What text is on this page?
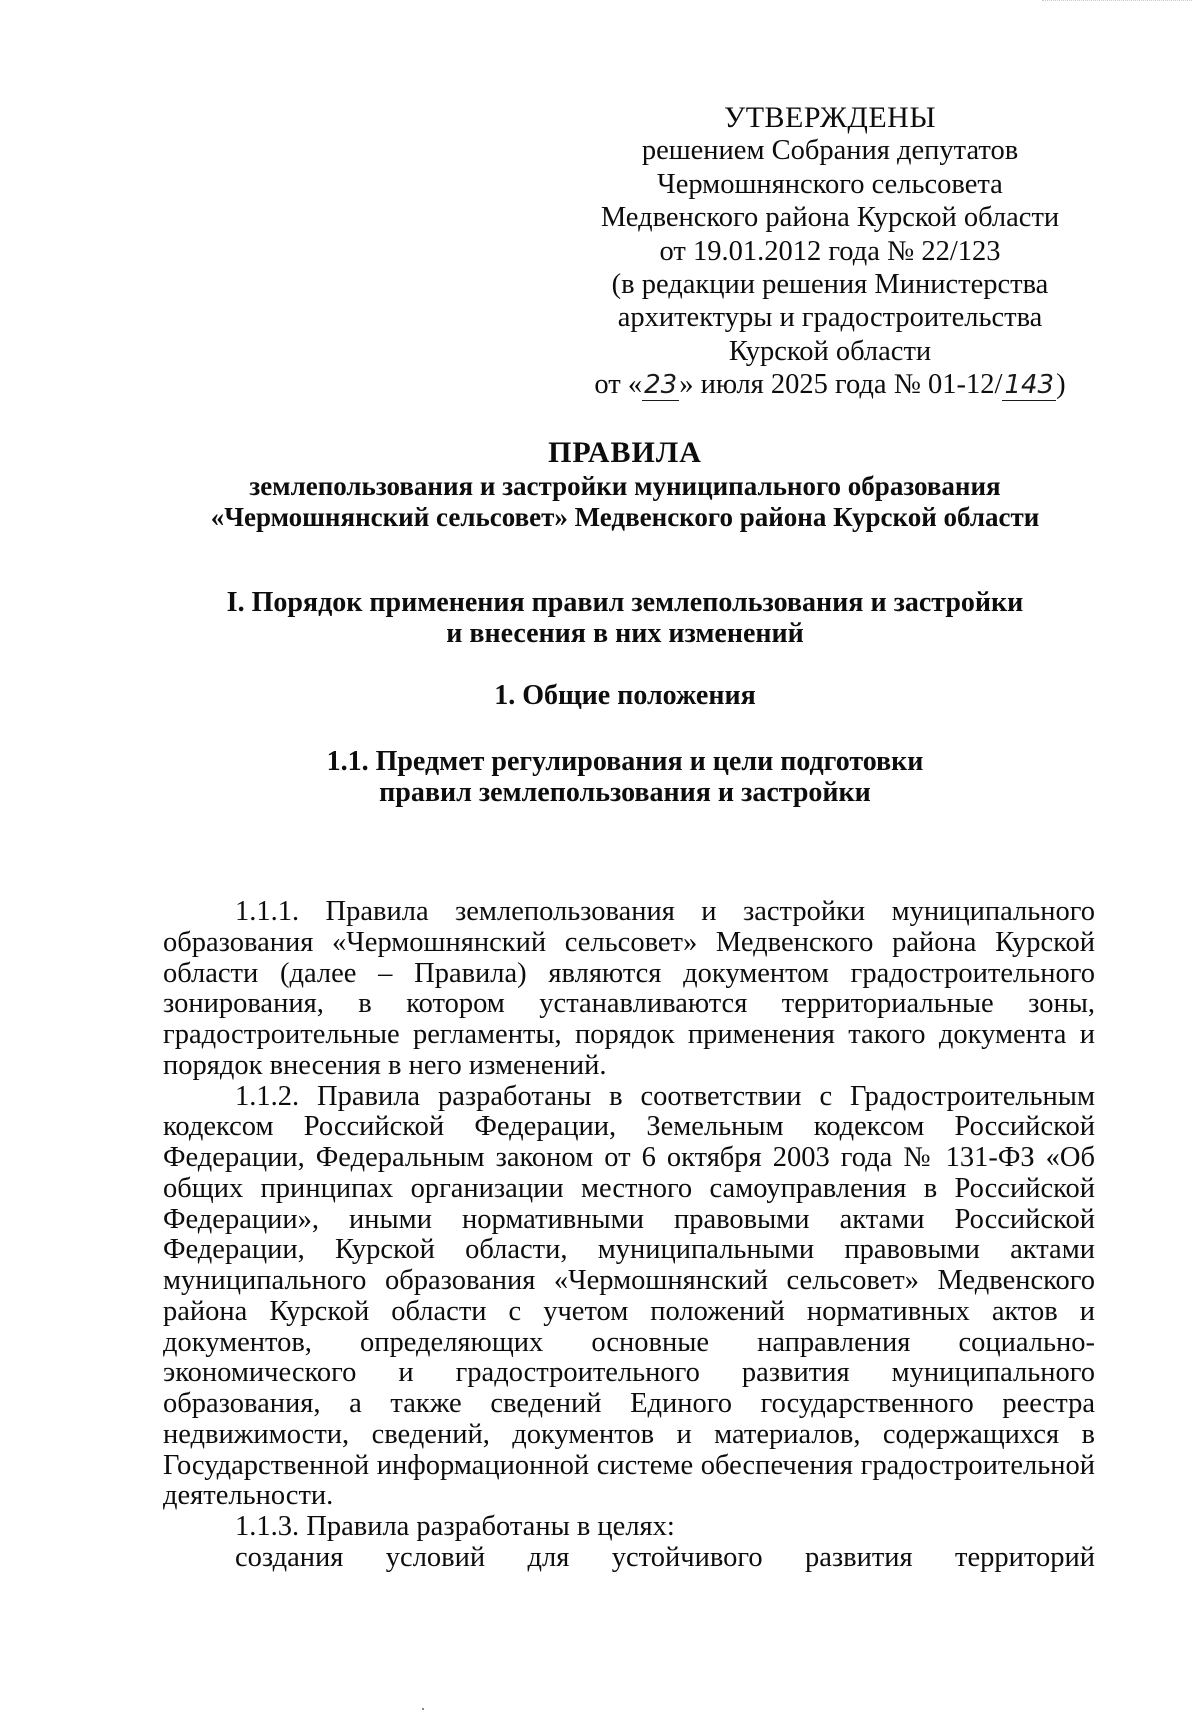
УТВЕРЖДЕНЫ
решением Собрания депутатов
Чермошнянского сельсовета
Медвенского района Курской области
от 19.01.2012 года № 22/123
(в редакции решения Министерства
архитектуры и градостроительства
Курской области
от «23» июля 2025 года № 01-12/143)
ПРАВИЛА
землепользования и застройки муниципального образования
«Чермошнянский сельсовет» Медвенского района Курской области
I. Порядок применения правил землепользования и застройки
и внесения в них изменений
1. Общие положения
1.1. Предмет регулирования и цели подготовки
правил землепользования и застройки

1.1.1. Правила землепользования и застройки муниципального образования «Чермошнянский сельсовет» Медвенского района Курской области (далее – Правила) являются документом градостроительного зонирования, в котором устанавливаются территориальные зоны, градостроительные регламенты, порядок применения такого документа и порядок внесения в него изменений.

1.1.2. Правила разработаны в соответствии с Градостроительным кодексом Российской Федерации, Земельным кодексом Российской Федерации, Федеральным законом от 6 октября 2003 года № 131-ФЗ «Об общих принципах организации местного самоуправления в Российской Федерации», иными нормативными правовыми актами Российской Федерации, Курской области, муниципальными правовыми актами муниципального образования «Чермошнянский сельсовет» Медвенского района Курской области с учетом положений нормативных актов и документов, определяющих основные направления социально-экономического и градостроительного развития муниципального образования, а также сведений Единого государственного реестра недвижимости, сведений, документов и материалов, содержащихся в Государственной информационной системе обеспечения градостроительной деятельности.

1.1.3. Правила разработаны в целях:

создания условий для устойчивого развития территорий
